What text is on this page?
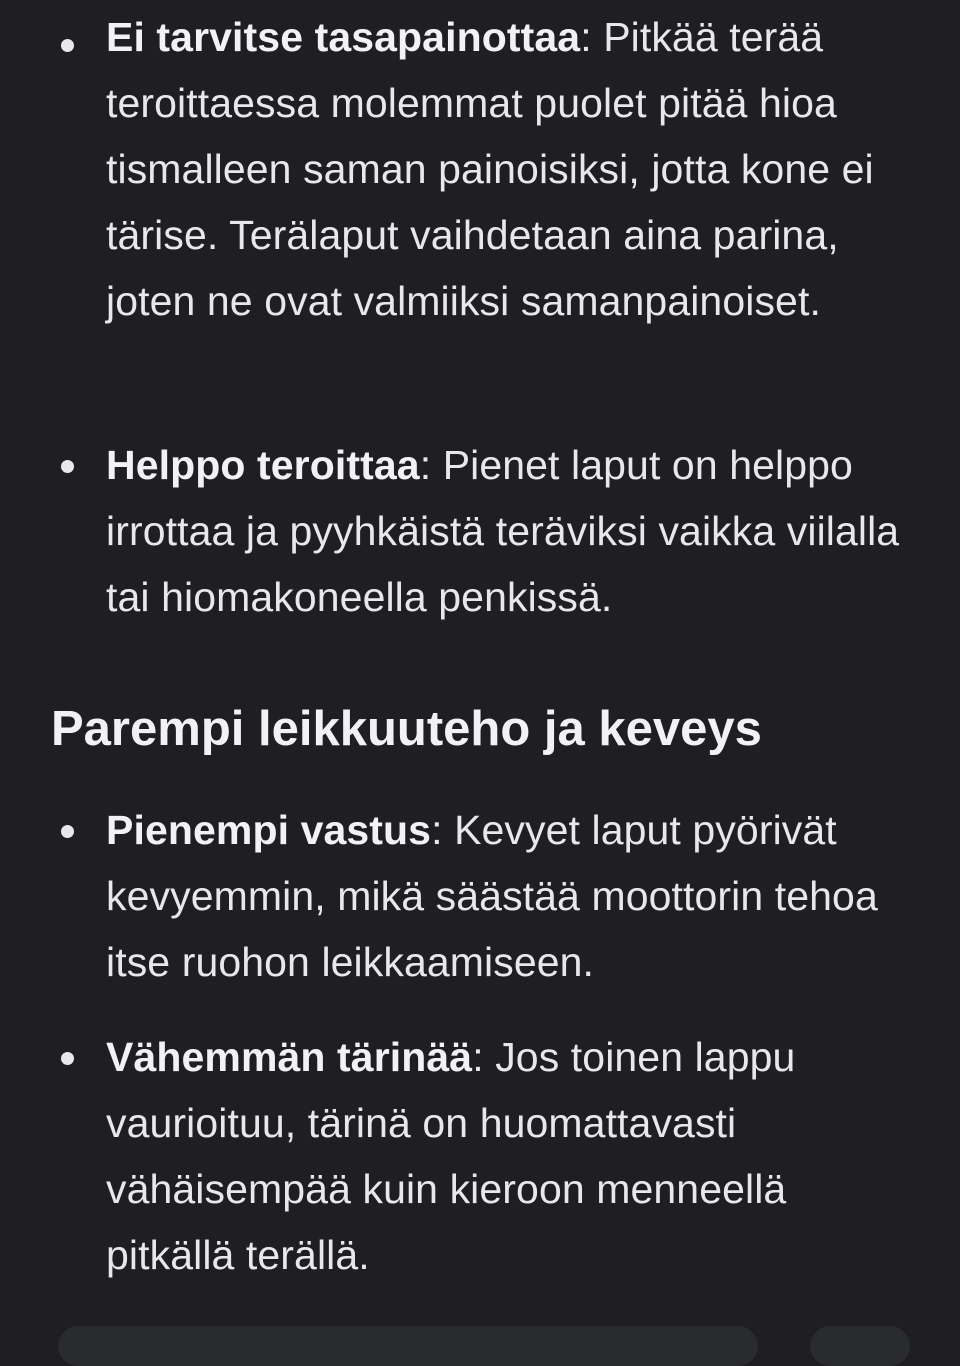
Ei tarvitse tasapainottaa: Pitkää terää teroittaessa molemmat puolet pitää hioa tismalleen saman painoisiksi, jotta kone ei tärise. Terälaput vaihdetaan aina parina, joten ne ovat valmiiksi samanpainoiset.
Helppo teroittaa: Pienet laput on helppo irrottaa ja pyyhkäistä teräviksi vaikka viilalla tai hiomakoneella penkissä.
Parempi leikkuuteho ja keveys
Pienempi vastus: Kevyet laput pyörivät kevyemmin, mikä säästää moottorin tehoa itse ruohon leikkaamiseen.
Vähemmän tärinää: Jos toinen lappu vaurioituu, tärinä on huomattavasti vähäisempää kuin kieroon menneellä pitkällä terällä.
